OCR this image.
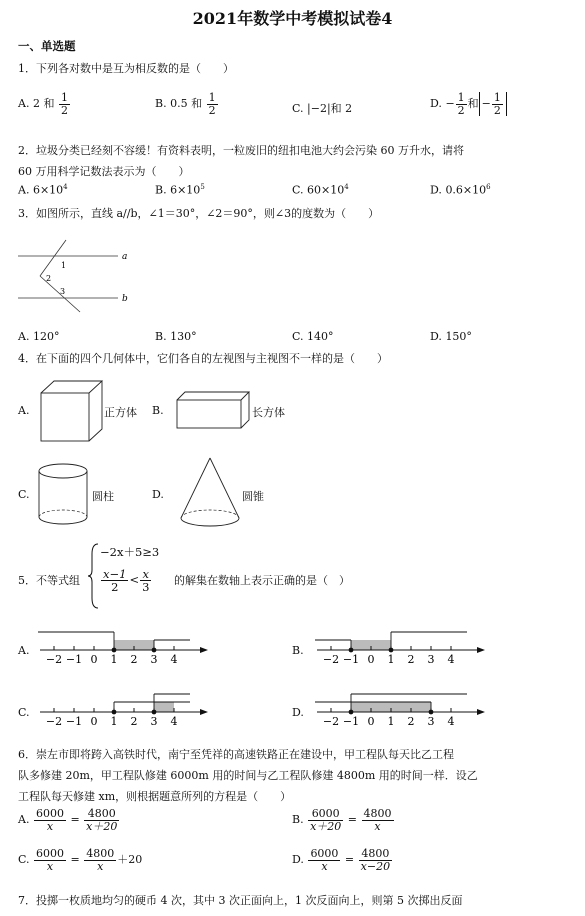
2021年数学中考模拟试卷4
一、单选题
1．下列各对数中是互为相反数的是（　　）
A. 2 和 $\frac{1}{2}$	B. 0.5 和 $\frac{1}{2}$	C. |−2|和 2	D. − $\frac{1}{2}$ 和 − $\frac{1}{2}$
2．垃圾分类已经刻不容缓！有资料表明，一粒废旧的纽扣电池大约会污染 60 万升水，请将
60 万用科学记数法表示为（　　）
A. $6\times 10^4$	B. $6\times 10^5$	C. $60\times 10^4$	D. $0.6\times 10^6$
3．如图所示，直线 a//b，∠1＝30°，∠2＝90°，则∠3的度数为（　　）
a
b
1
2
3
A. 120°	B. 130°	C. 140°	D. 150°
4．在下面的四个几何体中，它们各自的左视图与主视图不一样的是（　　）
A.	正方体 B.	长方体
C.	圆柱	D.	圆锥
5．不等式组
−2x＋5≥3
$\frac{x-1}{2} < \frac{x}{3}$ 的解集在数轴上表示正确的是（　）
A.
−2 −1 0 1 2 3 4
B.
−2 −1 0 1 2 3 4
C.
−2 −1 0 1 2 3 4
D.
−2 −1 0 1 2 3 4
6．崇左市即将跨入高铁时代，南宁至凭祥的高速铁路正在建设中，甲工程队每天比乙工程
队多修建 20m，甲工程队修建 6000m 用的时间与乙工程队修建 4800m 用的时间一样．设乙
工程队每天修建 xm，则根据题意所列的方程是（　　）
A. $\frac{6000}{x} = \frac{4800}{x+20}$	B. $\frac{6000}{x+20} = \frac{4800}{x}$
C. $\frac{6000}{x} = \frac{4800}{x} +20$	D. $\frac{6000}{x} = \frac{4800}{x-20}$
7．投掷一枚质地均匀的硬币 4 次，其中 3 次正面向上，1 次反面向上，则第 5 次掷出反面
